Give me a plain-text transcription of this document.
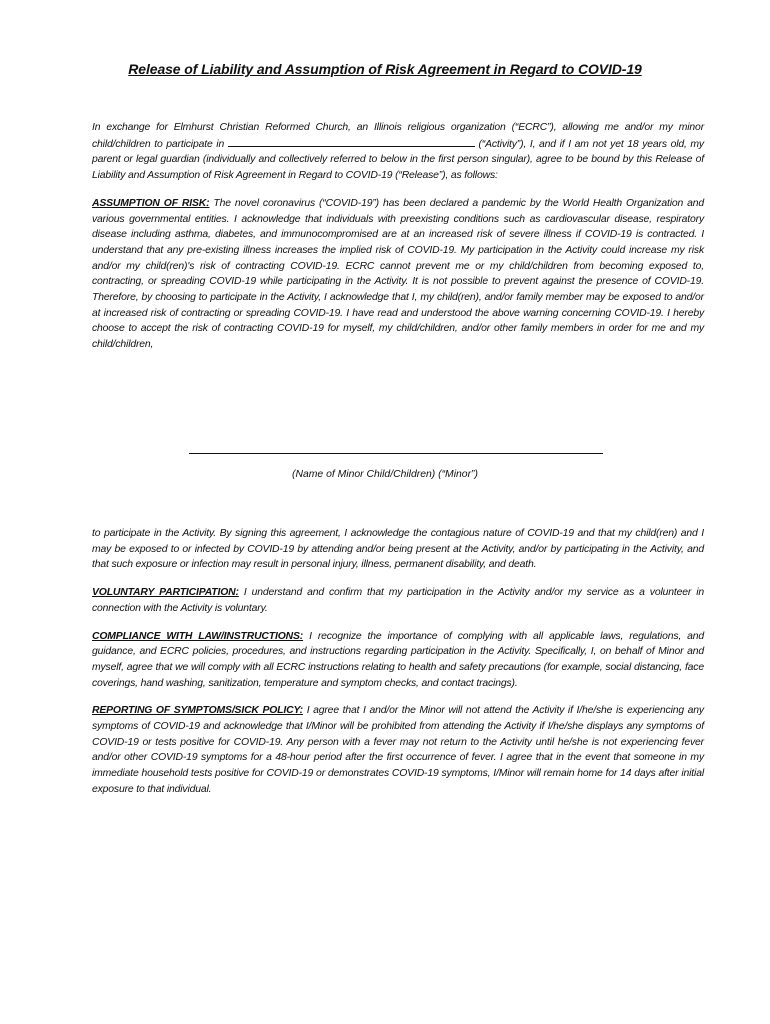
Release of Liability and Assumption of Risk Agreement in Regard to COVID-19

In exchange for Elmhurst Christian Reformed Church, an Illinois religious organization (“ECRC”), allowing me and/or my minor child/children to participate in	(“Activity”), I, and if I am not yet 18 years old, my parent or legal guardian (individually and collectively referred to below in the first person singular), agree to be bound by this Release of Liability and Assumption of Risk Agreement in Regard to COVID-19 (“Release”), as follows:

ASSUMPTION OF RISK: The novel coronavirus (“COVID-19”) has been declared a pandemic by the World Health Organization and various governmental entities. I acknowledge that individuals with preexisting conditions such as cardiovascular disease, respiratory disease including asthma, diabetes, and immunocompromised are at an increased risk of severe illness if COVID-19 is contracted. I understand that any pre-existing illness increases the implied risk of COVID-19. My participation in the Activity could increase my risk and/or my child(ren)'s risk of contracting COVID-19. ECRC cannot prevent me or my child/children from becoming exposed to, contracting, or spreading COVID-19 while participating in the Activity. It is not possible to prevent against the presence of COVID-19. Therefore, by choosing to participate in the Activity, I acknowledge that I, my child(ren), and/or family member may be exposed to and/or at increased risk of contracting or spreading COVID-19. I have read and understood the above warning concerning COVID-19. I hereby choose to accept the risk of contracting COVID-19 for myself, my child/children, and/or other family members in order for me and my child/children,

(Name of Minor Child/Children) (“Minor”)

to participate in the Activity. By signing this agreement, I acknowledge the contagious nature of COVID-19 and that my child(ren) and I may be exposed to or infected by COVID-19 by attending and/or being present at the Activity, and/or by participating in the Activity, and that such exposure or infection may result in personal injury, illness, permanent disability, and death.

VOLUNTARY PARTICIPATION: I understand and confirm that my participation in the Activity and/or my service as a volunteer in connection with the Activity is voluntary.

COMPLIANCE WITH LAW/INSTRUCTIONS: I recognize the importance of complying with all applicable laws, regulations, and guidance, and ECRC policies, procedures, and instructions regarding participation in the Activity. Specifically, I, on behalf of Minor and myself, agree that we will comply with all ECRC instructions relating to health and safety precautions (for example, social distancing, face coverings, hand washing, sanitization, temperature and symptom checks, and contact tracings).

REPORTING OF SYMPTOMS/SICK POLICY: I agree that I and/or the Minor will not attend the Activity if I/he/she is experiencing any symptoms of COVID-19 and acknowledge that I/Minor will be prohibited from attending the Activity if I/he/she displays any symptoms of COVID-19 or tests positive for COVID-19. Any person with a fever may not return to the Activity until he/she is not experiencing fever and/or other COVID-19 symptoms for a 48-hour period after the first occurrence of fever. I agree that in the event that someone in my immediate household tests positive for COVID-19 or demonstrates COVID-19 symptoms, I/Minor will remain home for 14 days after initial exposure to that individual.
